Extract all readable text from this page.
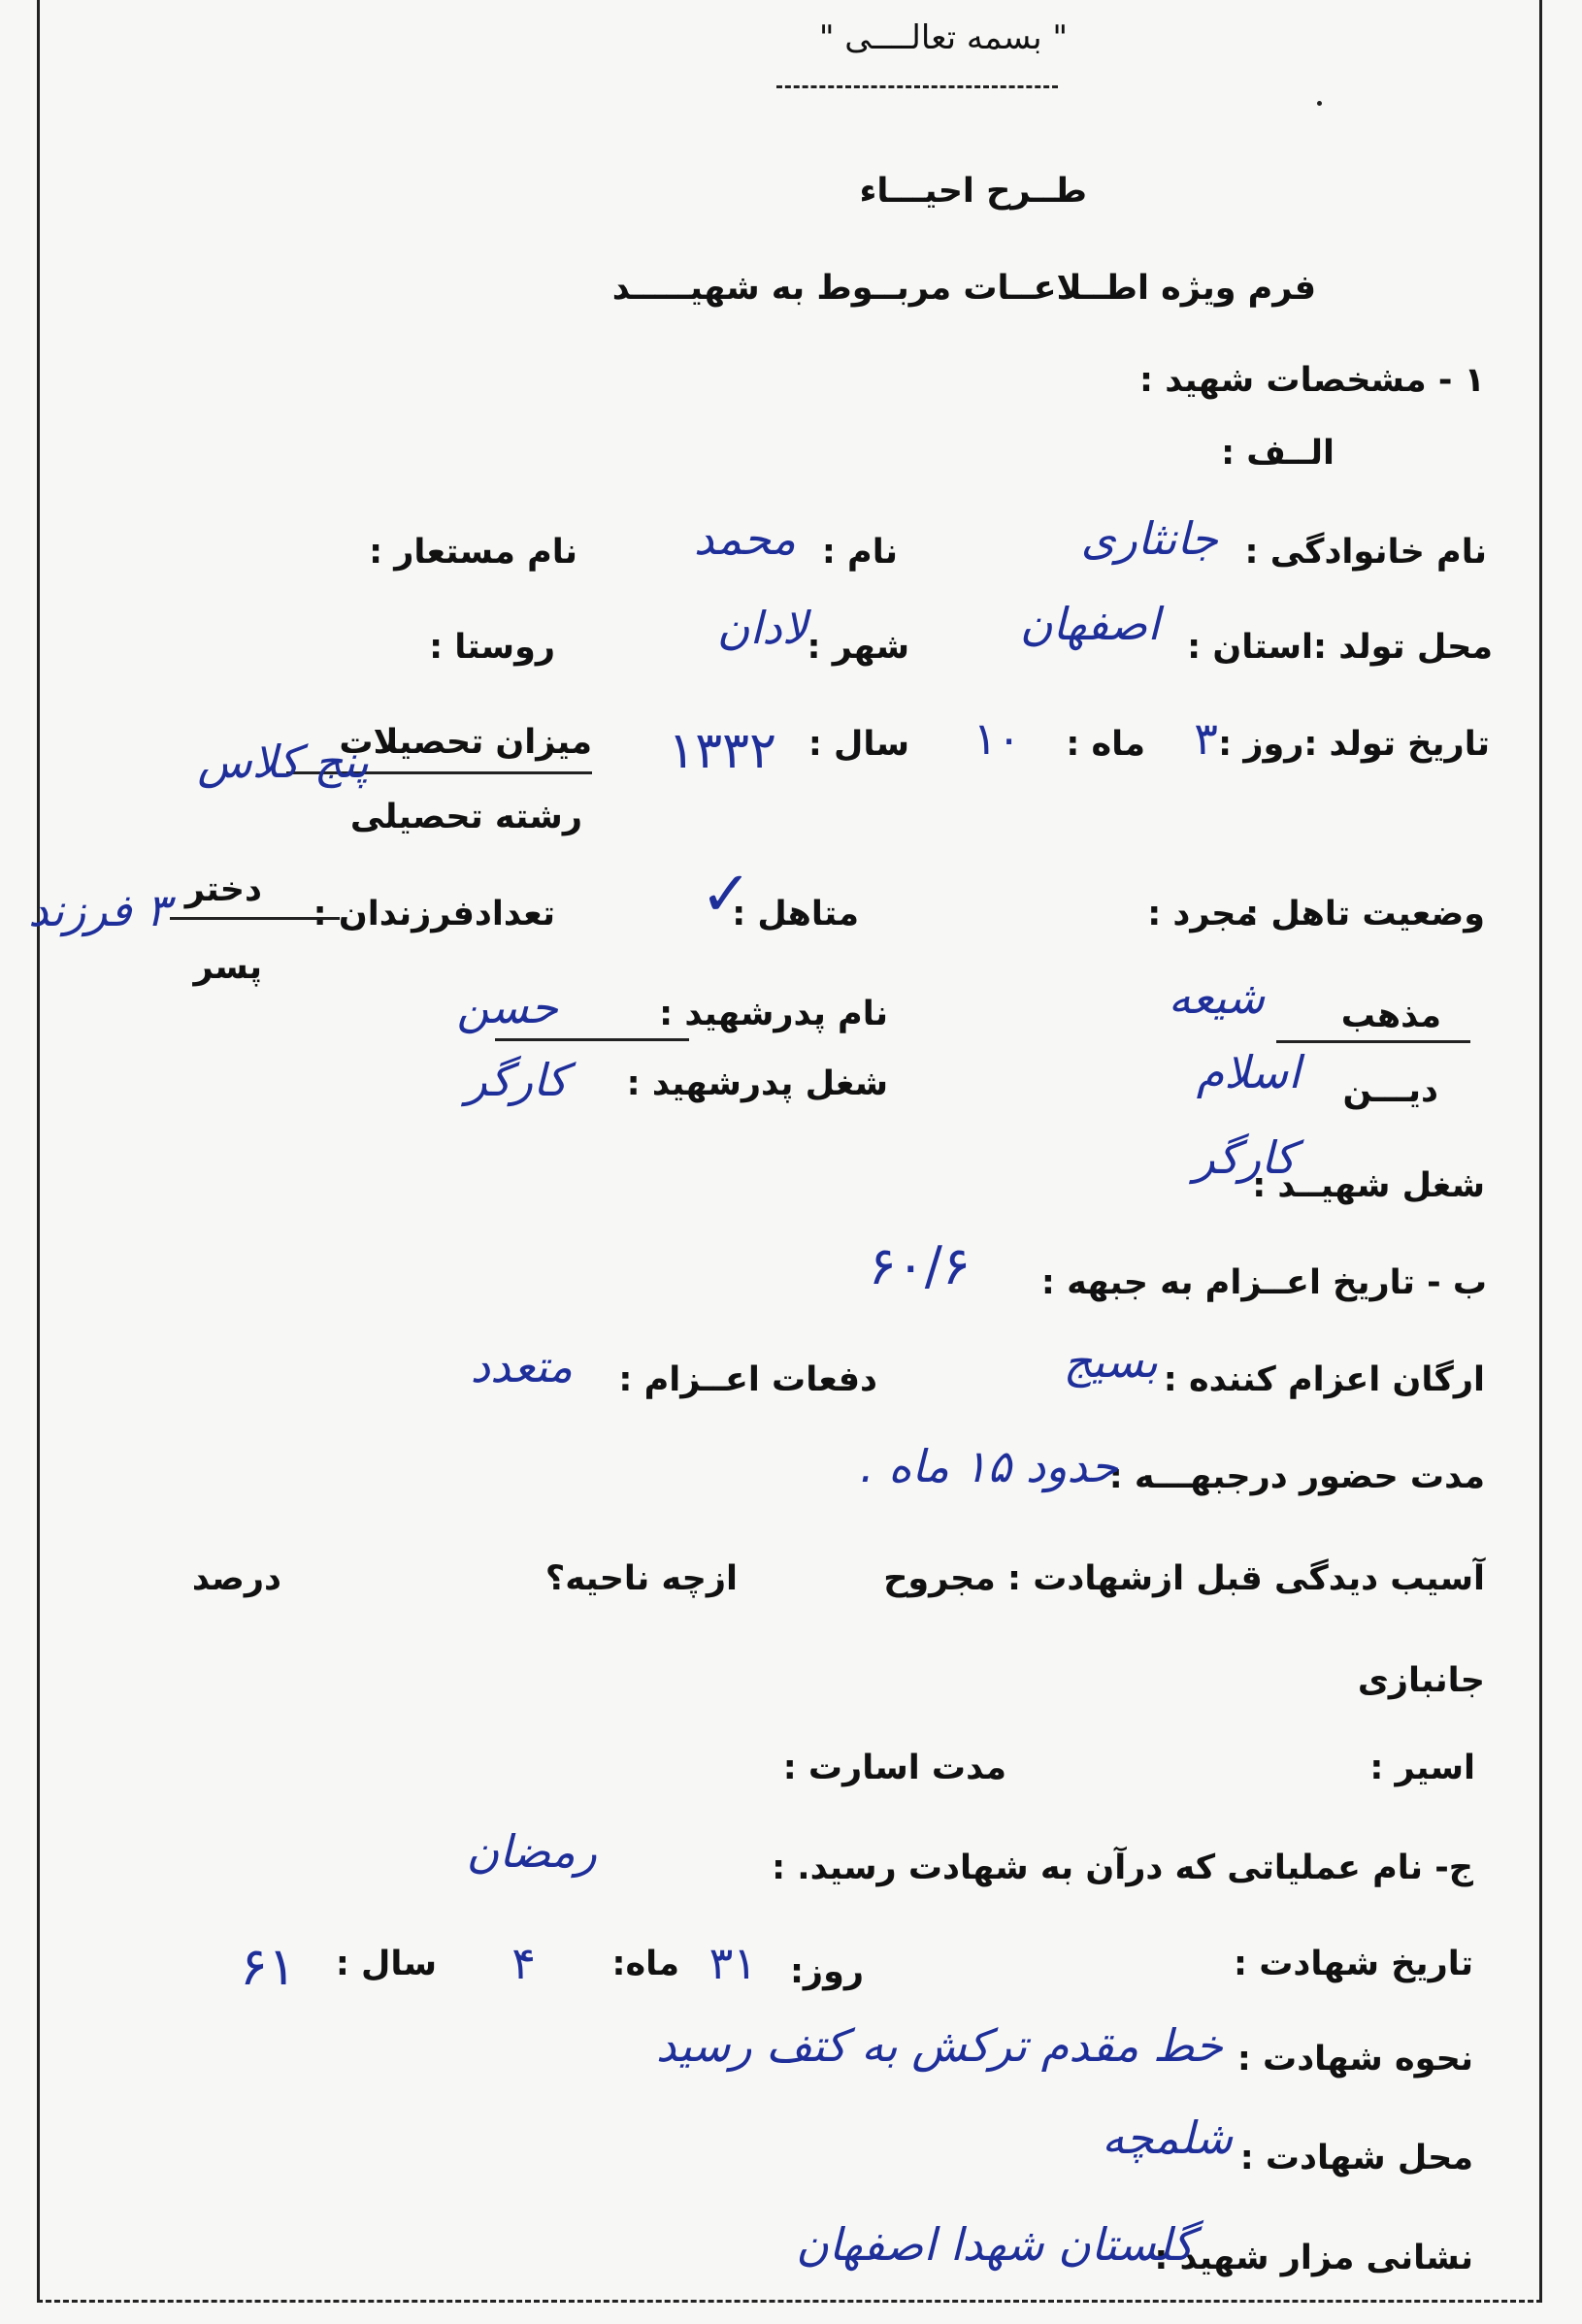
" بسمه تعالــــی "
طــرح احیـــاء
فرم ویژه اطــلاعــات مربــوط به شهیـــــد
۱ - مشخصات شهید :
الــف :
نام خانوادگی :
جانثاری
نام :
محمد
نام مستعار :
محل تولد :استان :
اصفهان
شهر :
لادان
روستا :
تاریخ تولد :روز :
۳
ماه :
۱۰
سال :
۱۳۳۲
میزان تحصیلات
پنج کلاس
رشته تحصیلی
وضعیت تاهل :
مجرد :
متاهل :
✓
تعدادفرزندان :
دختر
پسر
۳ فرزند
مذهب
شیعه
نام پدرشهید :
حسن
دیـــن
اسلام
شغل پدرشهید :
کارگر
شغل شهیــد :
کارگر
ب - تاریخ اعــزام به جبهه :
۶۰/۶
ارگان اعزام کننده :
بسیج
دفعات اعــزام :
متعدد
مدت حضور درجبهـــه :
حدود ۱۵ ماه .
آسیب دیدگی قبل ازشهادت : مجروح
ازچه ناحیه؟
درصد
جانبازی
اسیر :
مدت اسارت :
ج- نام عملیاتی که درآن به شهادت رسید. :
رمضان
تاریخ شهادت :
روز:
۳۱
ماه:
۴
سال :
۶۱
نحوه شهادت :
خط مقدم ترکش به کتف رسید
محل شهادت :
شلمچه
نشانی مزار شهید :
گلستان شهدا اصفهان
